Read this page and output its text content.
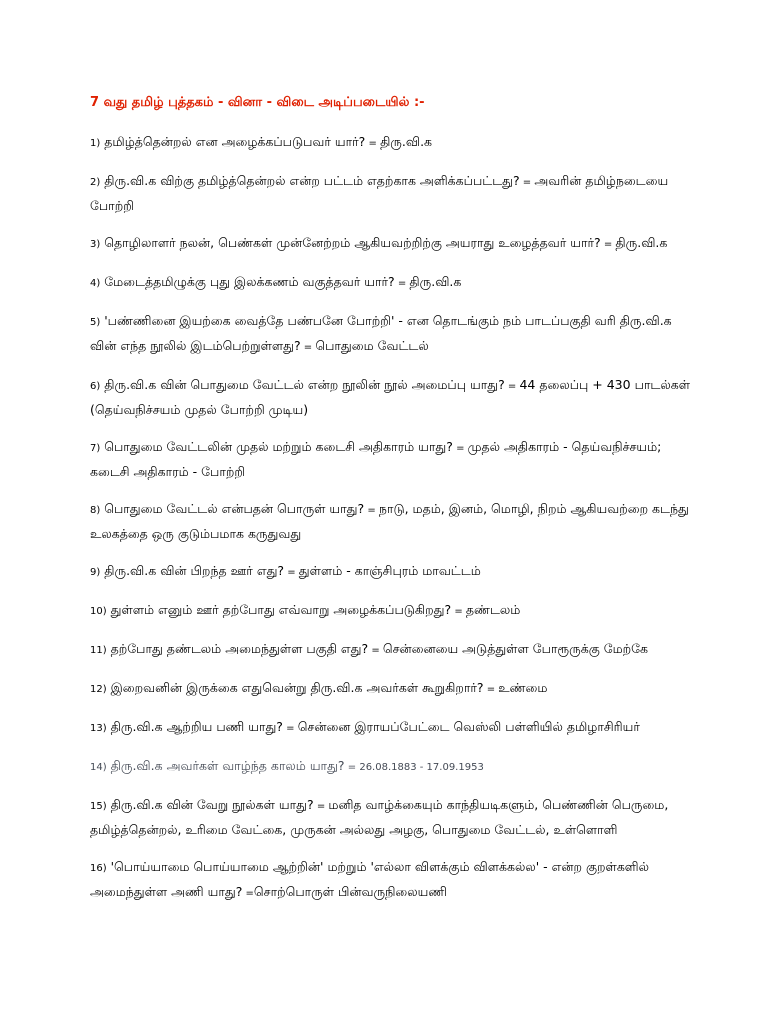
7 வது தமிழ் புத்தகம் - வினா - விடை அடிப்படையில் :-
1) தமிழ்த்தென்றல் என அழைக்கப்படுபவர் யார்? = திரு.வி.க
2) திரு.வி.க விற்கு தமிழ்த்தென்றல் என்ற பட்டம் எதற்காக அளிக்கப்பட்டது? = அவரின் தமிழ்நடையை போற்றி
3) தொழிலாளர் நலன், பெண்கள் முன்னேற்றம் ஆகியவற்றிற்கு அயராது உழைத்தவர் யார்? = திரு.வி.க
4) மேடைத்தமிழுக்கு புது இலக்கணம் வகுத்தவர் யார்? = திரு.வி.க
5) 'பண்ணினை இயற்கை வைத்தே பண்பனே போற்றி' - என தொடங்கும் நம் பாடப்பகுதி வரி திரு.வி.க வின் எந்த நூலில் இடம்பெற்றுள்ளது? = பொதுமை வேட்டல்
6) திரு.வி.க வின் பொதுமை வேட்டல் என்ற நூலின் நூல் அமைப்பு யாது? = 44 தலைப்பு + 430 பாடல்கள் (தெய்வநிச்சயம் முதல் போற்றி முடிய)
7) பொதுமை வேட்டலின் முதல் மற்றும் கடைசி அதிகாரம் யாது? = முதல் அதிகாரம் - தெய்வநிச்சயம்; கடைசி அதிகாரம் - போற்றி
8) பொதுமை வேட்டல் என்பதன் பொருள் யாது? = நாடு, மதம், இனம், மொழி, நிறம் ஆகியவற்றை கடந்து உலகத்தை ஒரு குடும்பமாக கருதுவது
9) திரு.வி.க வின் பிறந்த ஊர் எது? = துள்ளம் - காஞ்சிபுரம் மாவட்டம்
10) துள்ளம் எனும் ஊர் தற்போது எவ்வாறு அழைக்கப்படுகிறது? = தண்டலம்
11) தற்போது தண்டலம் அமைந்துள்ள பகுதி எது? = சென்னையை அடுத்துள்ள போரூருக்கு மேற்கே
12) இறைவனின் இருக்கை எதுவென்று திரு.வி.க அவர்கள் கூறுகிறார்? = உண்மை
13) திரு.வி.க ஆற்றிய பணி யாது? = சென்னை இராயப்பேட்டை வெஸ்லி பள்ளியில் தமிழாசிரியர்
14) திரு.வி.க அவர்கள் வாழ்ந்த காலம் யாது? = 26.08.1883 - 17.09.1953
15) திரு.வி.க வின் வேறு நூல்கள் யாது? = மனித வாழ்க்கையும் காந்தியடிகளும், பெண்ணின் பெருமை, தமிழ்த்தென்றல், உரிமை வேட்கை, முருகன் அல்லது அழகு, பொதுமை வேட்டல், உள்ளொளி
16) 'பொய்யாமை பொய்யாமை ஆற்றின்' மற்றும் 'எல்லா விளக்கும் விளக்கல்ல' - என்ற குறள்களில் அமைந்துள்ள அணி யாது? =சொற்பொருள் பின்வருநிலையணி
